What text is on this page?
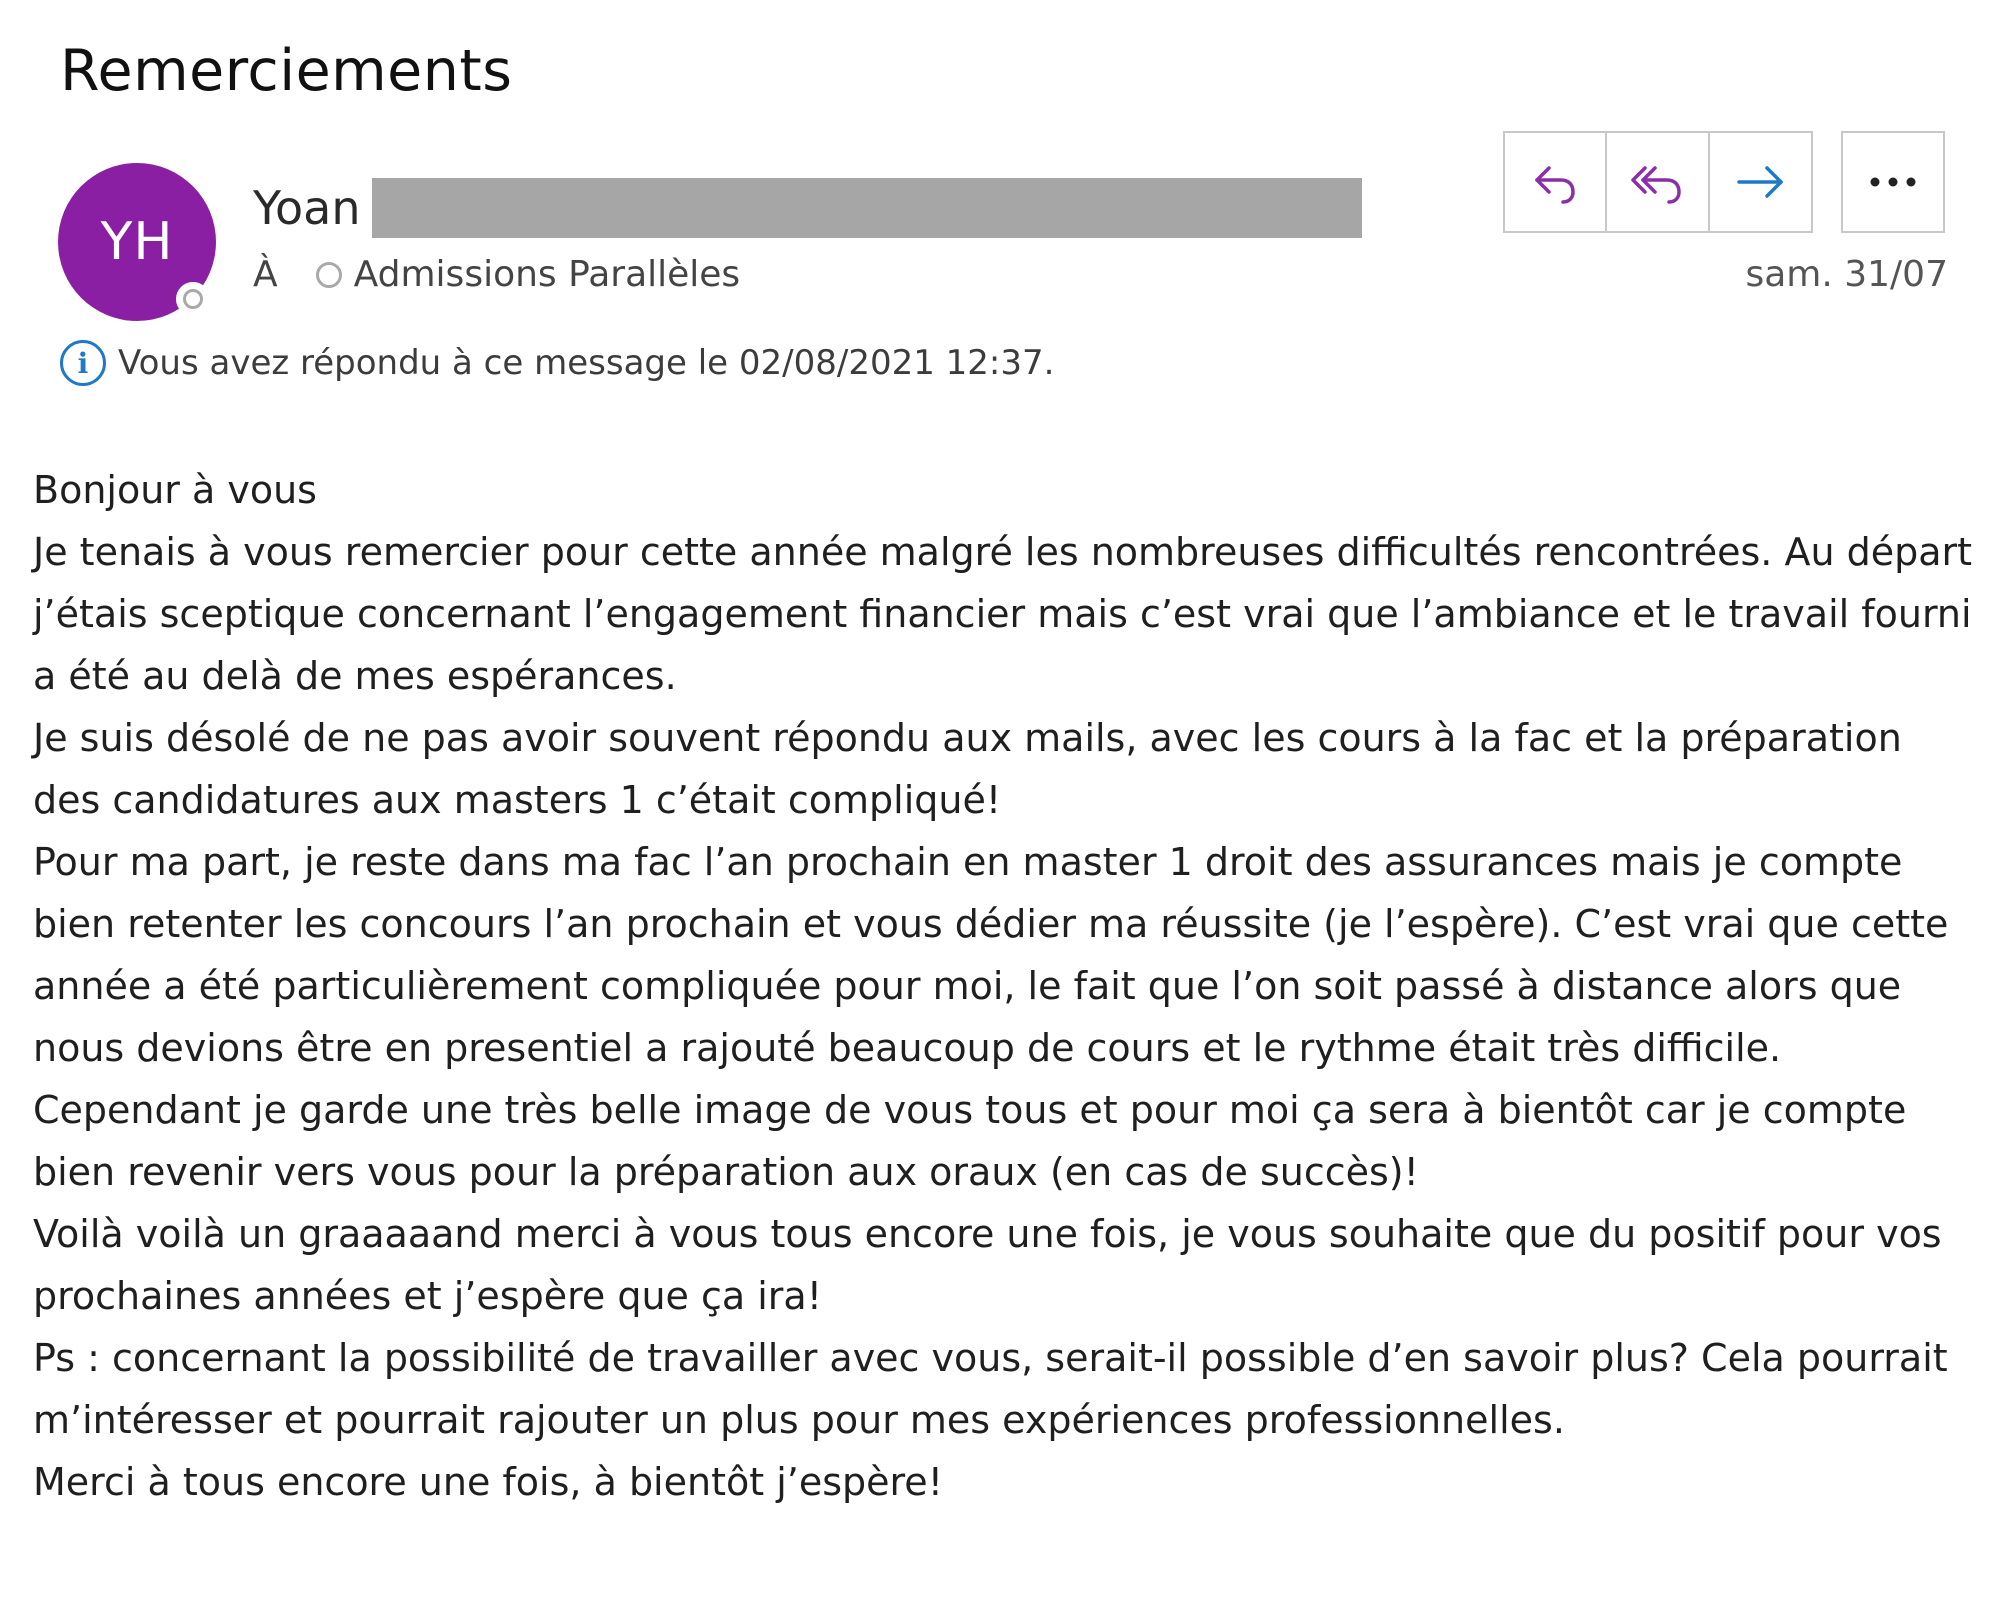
Remerciements
YH
Yoan
À Admissions Parallèles	sam. 31/07
i Vous avez répondu à ce message le 02/08/2021 12:37.

Bonjour à vous

Je tenais à vous remercier pour cette année malgré les nombreuses difficultés rencontrées. Au départ j’étais sceptique concernant l’engagement financier mais c’est vrai que l’ambiance et le travail fourni a été au delà de mes espérances.

Je suis désolé de ne pas avoir souvent répondu aux mails, avec les cours à la fac et la préparation des candidatures aux masters 1 c’était compliqué!

Pour ma part, je reste dans ma fac l’an prochain en master 1 droit des assurances mais je compte bien retenter les concours l’an prochain et vous dédier ma réussite (je l’espère). C’est vrai que cette année a été particulièrement compliquée pour moi, le fait que l’on soit passé à distance alors que nous devions être en presentiel a rajouté beaucoup de cours et le rythme était très difficile.

Cependant je garde une très belle image de vous tous et pour moi ça sera à bientôt car je compte bien revenir vers vous pour la préparation aux oraux (en cas de succès)!

Voilà voilà un graaaaand merci à vous tous encore une fois, je vous souhaite que du positif pour vos prochaines années et j’espère que ça ira!

Ps : concernant la possibilité de travailler avec vous, serait-il possible d’en savoir plus? Cela pourrait m’intéresser et pourrait rajouter un plus pour mes expériences professionnelles.

Merci à tous encore une fois, à bientôt j’espère!
